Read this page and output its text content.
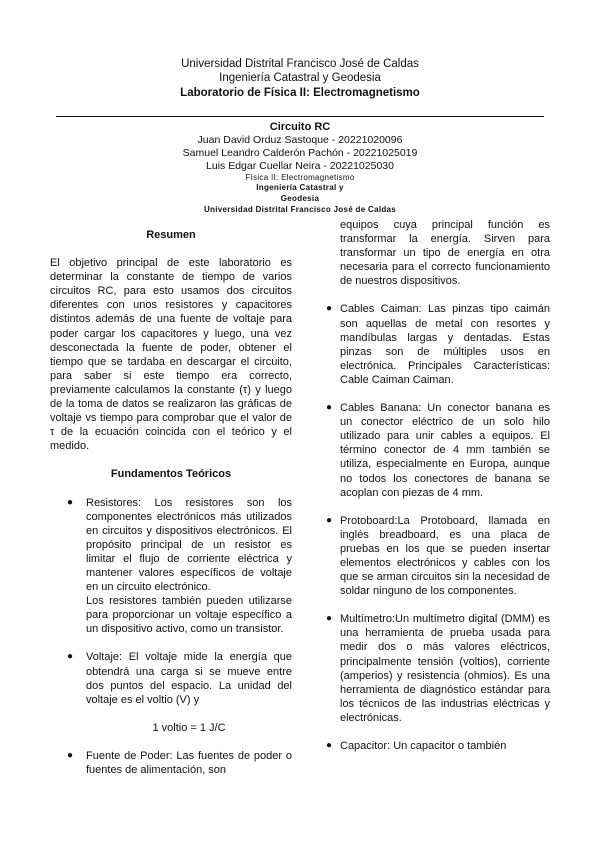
Universidad Distrital Francisco José de Caldas
Ingeniería Catastral y Geodesia
Laboratorio de Física II: Electromagnetismo
Circuito RC
Juan David Orduz Sastoque - 20221020096
Samuel Leandro Calderón Pachón - 20221025019
Luis Edgar Cuellar Neira - 20221025030
Física II: Electromagnetismo
Ingeniería Catastral y
Geodesia
Universidad Distrital Francisco José de Caldas
Resumen

El objetivo principal de este laboratorio es determinar la constante de tiempo de varios circuitos RC, para esto usamos dos circuitos diferentes con unos resistores y capacitores distintos además de una fuente de voltaje para poder cargar los capacitores y luego, una vez desconectada la fuente de poder, obtener el tiempo que se tardaba en descargar el circuito, para saber si este tiempo era correcto, previamente calculamos la constante (τ) y luego de la toma de datos se realizaron las gráficas de voltaje vs tiempo para comprobar que el valor de τ de la ecuación coincida con el teórico y el medido.

Fundamentos Teóricos
● Resistores: Los resistores son los componentes electrónicos más utilizados en circuitos y dispositivos electrónicos. El propósito principal de un resistor es limitar el flujo de corriente eléctrica y mantener valores específicos de voltaje en un circuito electrónico.

Los resistores también pueden utilizarse para proporcionar un voltaje específico a un dispositivo activo, como un transistor.

● Voltaje: El voltaje mide la energía que obtendrá una carga si se mueve entre dos puntos del espacio. La unidad del voltaje es el voltio (V) y

1 voltio = 1 J/C

● Fuente de Poder: Las fuentes de poder o fuentes de alimentación, son

equipos cuya principal función es transformar la energía. Sirven para transformar un tipo de energía en otra necesaria para el correcto funcionamiento de nuestros dispositivos.

● Cables Caiman: Las pinzas tipo caimán son aquellas de metal con resortes y mandíbulas largas y dentadas. Estas pinzas son de múltiples usos en electrónica. Principales Características: Cable Caiman Caiman.

● Cables Banana: Un conector banana es un conector eléctrico de un solo hilo utilizado para unir cables a equipos. El término conector de 4 mm también se utiliza, especialmente en Europa, aunque no todos los conectores de banana se acoplan con piezas de 4 mm.

● Protoboard:La Protoboard, llamada en inglés breadboard, es una placa de pruebas en los que se pueden insertar elementos electrónicos y cables con los que se arman circuitos sin la necesidad de soldar ninguno de los componentes.

● Multímetro:Un multímetro digital (DMM) es una herramienta de prueba usada para medir dos o más valores eléctricos, principalmente tensión (voltios), corriente (amperios) y resistencia (ohmios). Es una herramienta de diagnóstico estándar para los técnicos de las industrias eléctricas y electrónicas.

● Capacitor: Un capacitor o también
